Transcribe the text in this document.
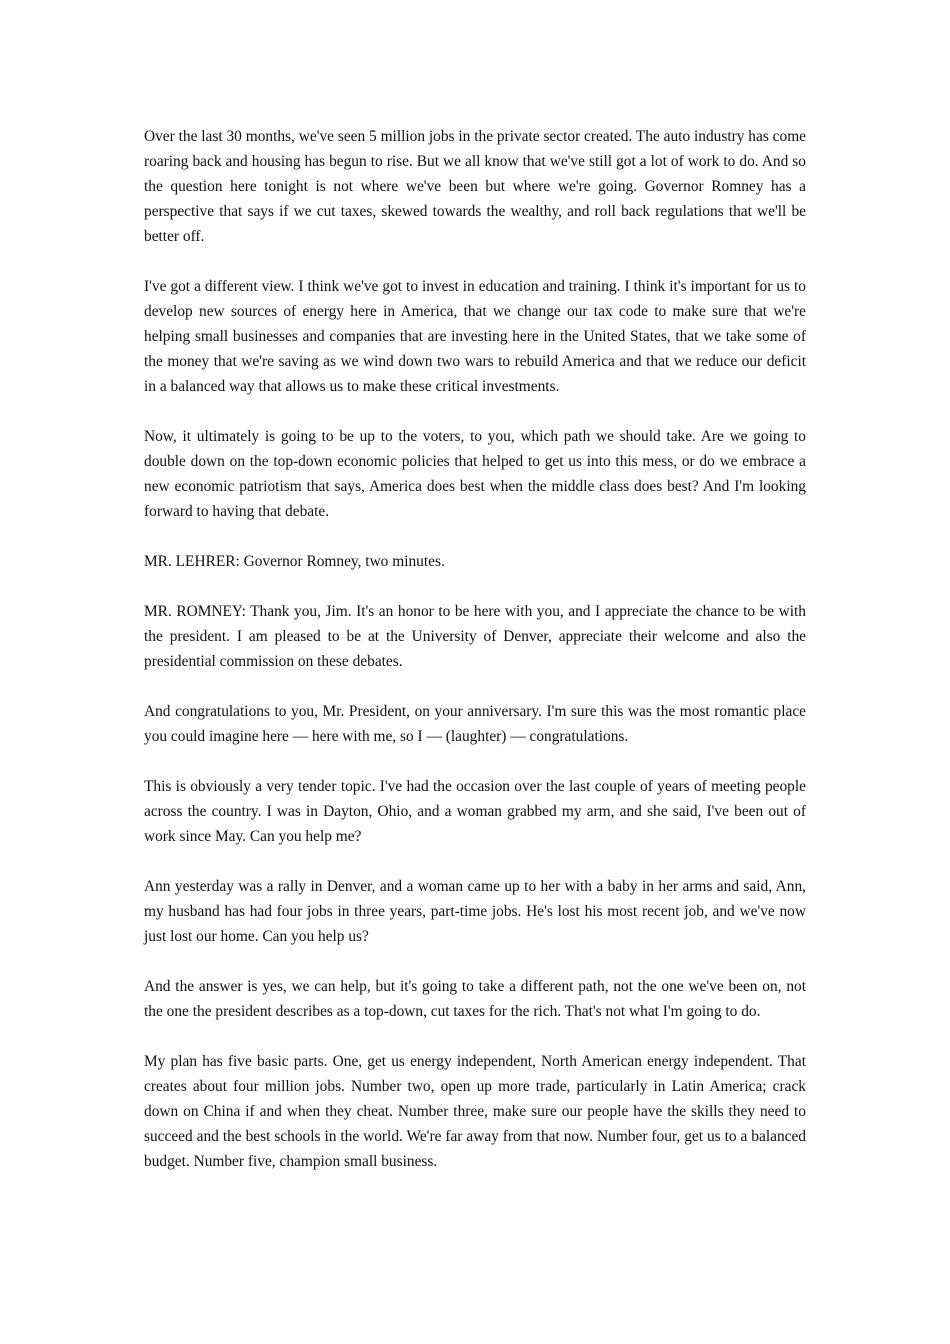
Over the last 30 months, we've seen 5 million jobs in the private sector created. The auto industry has come roaring back and housing has begun to rise. But we all know that we've still got a lot of work to do. And so the question here tonight is not where we've been but where we're going. Governor Romney has a perspective that says if we cut taxes, skewed towards the wealthy, and roll back regulations that we'll be better off.

I've got a different view. I think we've got to invest in education and training. I think it's important for us to develop new sources of energy here in America, that we change our tax code to make sure that we're helping small businesses and companies that are investing here in the United States, that we take some of the money that we're saving as we wind down two wars to rebuild America and that we reduce our deficit in a balanced way that allows us to make these critical investments.

Now, it ultimately is going to be up to the voters, to you, which path we should take. Are we going to double down on the top-down economic policies that helped to get us into this mess, or do we embrace a new economic patriotism that says, America does best when the middle class does best? And I'm looking forward to having that debate.

MR. LEHRER: Governor Romney, two minutes.

MR. ROMNEY: Thank you, Jim. It's an honor to be here with you, and I appreciate the chance to be with the president. I am pleased to be at the University of Denver, appreciate their welcome and also the presidential commission on these debates.

And congratulations to you, Mr. President, on your anniversary. I'm sure this was the most romantic place you could imagine here — here with me, so I — (laughter) — congratulations.

This is obviously a very tender topic. I've had the occasion over the last couple of years of meeting people across the country. I was in Dayton, Ohio, and a woman grabbed my arm, and she said, I've been out of work since May. Can you help me?

Ann yesterday was a rally in Denver, and a woman came up to her with a baby in her arms and said, Ann, my husband has had four jobs in three years, part-time jobs. He's lost his most recent job, and we've now just lost our home. Can you help us?

And the answer is yes, we can help, but it's going to take a different path, not the one we've been on, not the one the president describes as a top-down, cut taxes for the rich. That's not what I'm going to do.

My plan has five basic parts. One, get us energy independent, North American energy independent. That creates about four million jobs. Number two, open up more trade, particularly in Latin America; crack down on China if and when they cheat. Number three, make sure our people have the skills they need to succeed and the best schools in the world. We're far away from that now. Number four, get us to a balanced budget. Number five, champion small business.
